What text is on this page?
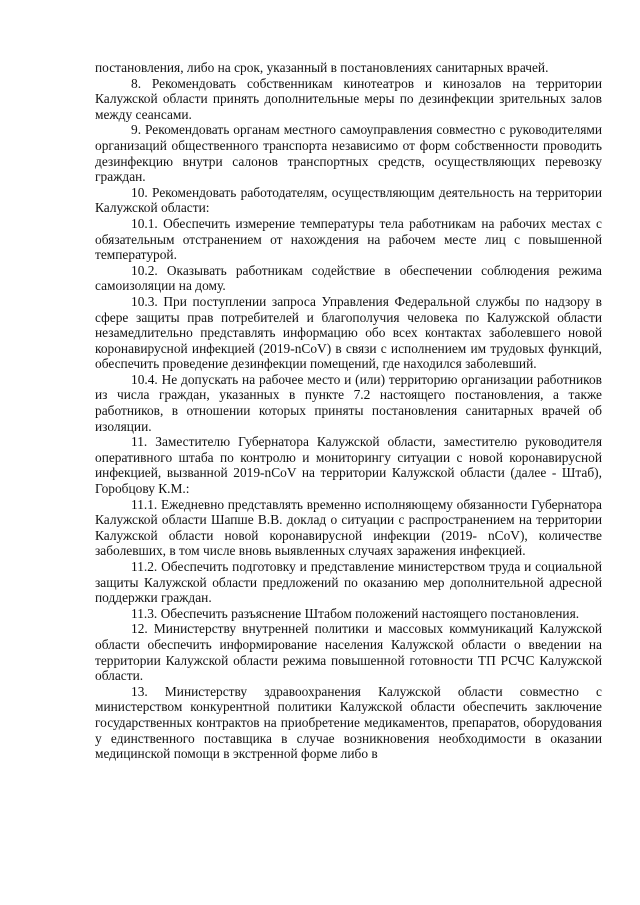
постановления, либо на срок, указанный в постановлениях санитарных врачей.

8. Рекомендовать собственникам кинотеатров и кинозалов на территории Калужской области принять дополнительные меры по дезинфекции зрительных залов между сеансами.

9. Рекомендовать органам местного самоуправления совместно с руководителями организаций общественного транспорта независимо от форм собственности проводить дезинфекцию внутри салонов транспортных средств, осуществляющих перевозку граждан.

10. Рекомендовать работодателям, осуществляющим деятельность на территории Калужской области:

10.1. Обеспечить измерение температуры тела работникам на рабочих местах с обязательным отстранением от нахождения на рабочем месте лиц с повышенной температурой.

10.2. Оказывать работникам содействие в обеспечении соблюдения режима самоизоляции на дому.

10.3. При поступлении запроса Управления Федеральной службы по надзору в сфере защиты прав потребителей и благополучия человека по Калужской области незамедлительно представлять информацию обо всех контактах заболевшего новой коронавирусной инфекцией (2019-nCoV) в связи с исполнением им трудовых функций, обеспечить проведение дезинфекции помещений, где находился заболевший.

10.4. Не допускать на рабочее место и (или) территорию организации работников из числа граждан, указанных в пункте 7.2 настоящего постановления, а также работников, в отношении которых приняты постановления санитарных врачей об изоляции.

11. Заместителю Губернатора Калужской области, заместителю руководителя оперативного штаба по контролю и мониторингу ситуации с новой коронавирусной инфекцией, вызванной 2019-nCoV на территории Калужской области (далее - Штаб), Горобцову К.М.:

11.1. Ежедневно представлять временно исполняющему обязанности Губернатора Калужской области Шапше В.В. доклад о ситуации с распространением на территории Калужской области новой коронавирусной инфекции (2019- nCoV), количестве заболевших, в том числе вновь выявленных случаях заражения инфекцией.

11.2. Обеспечить подготовку и представление министерством труда и социальной защиты Калужской области предложений по оказанию мер дополнительной адресной поддержки граждан.

11.3. Обеспечить разъяснение Штабом положений настоящего постановления.

12. Министерству внутренней политики и массовых коммуникаций Калужской области обеспечить информирование населения Калужской области о введении на территории Калужской области режима повышенной готовности ТП РСЧС Калужской области.

13. Министерству здравоохранения Калужской области совместно с министерством конкурентной политики Калужской области обеспечить заключение государственных контрактов на приобретение медикаментов, препаратов, оборудования у единственного поставщика в случае возникновения необходимости в оказании медицинской помощи в экстренной форме либо в
